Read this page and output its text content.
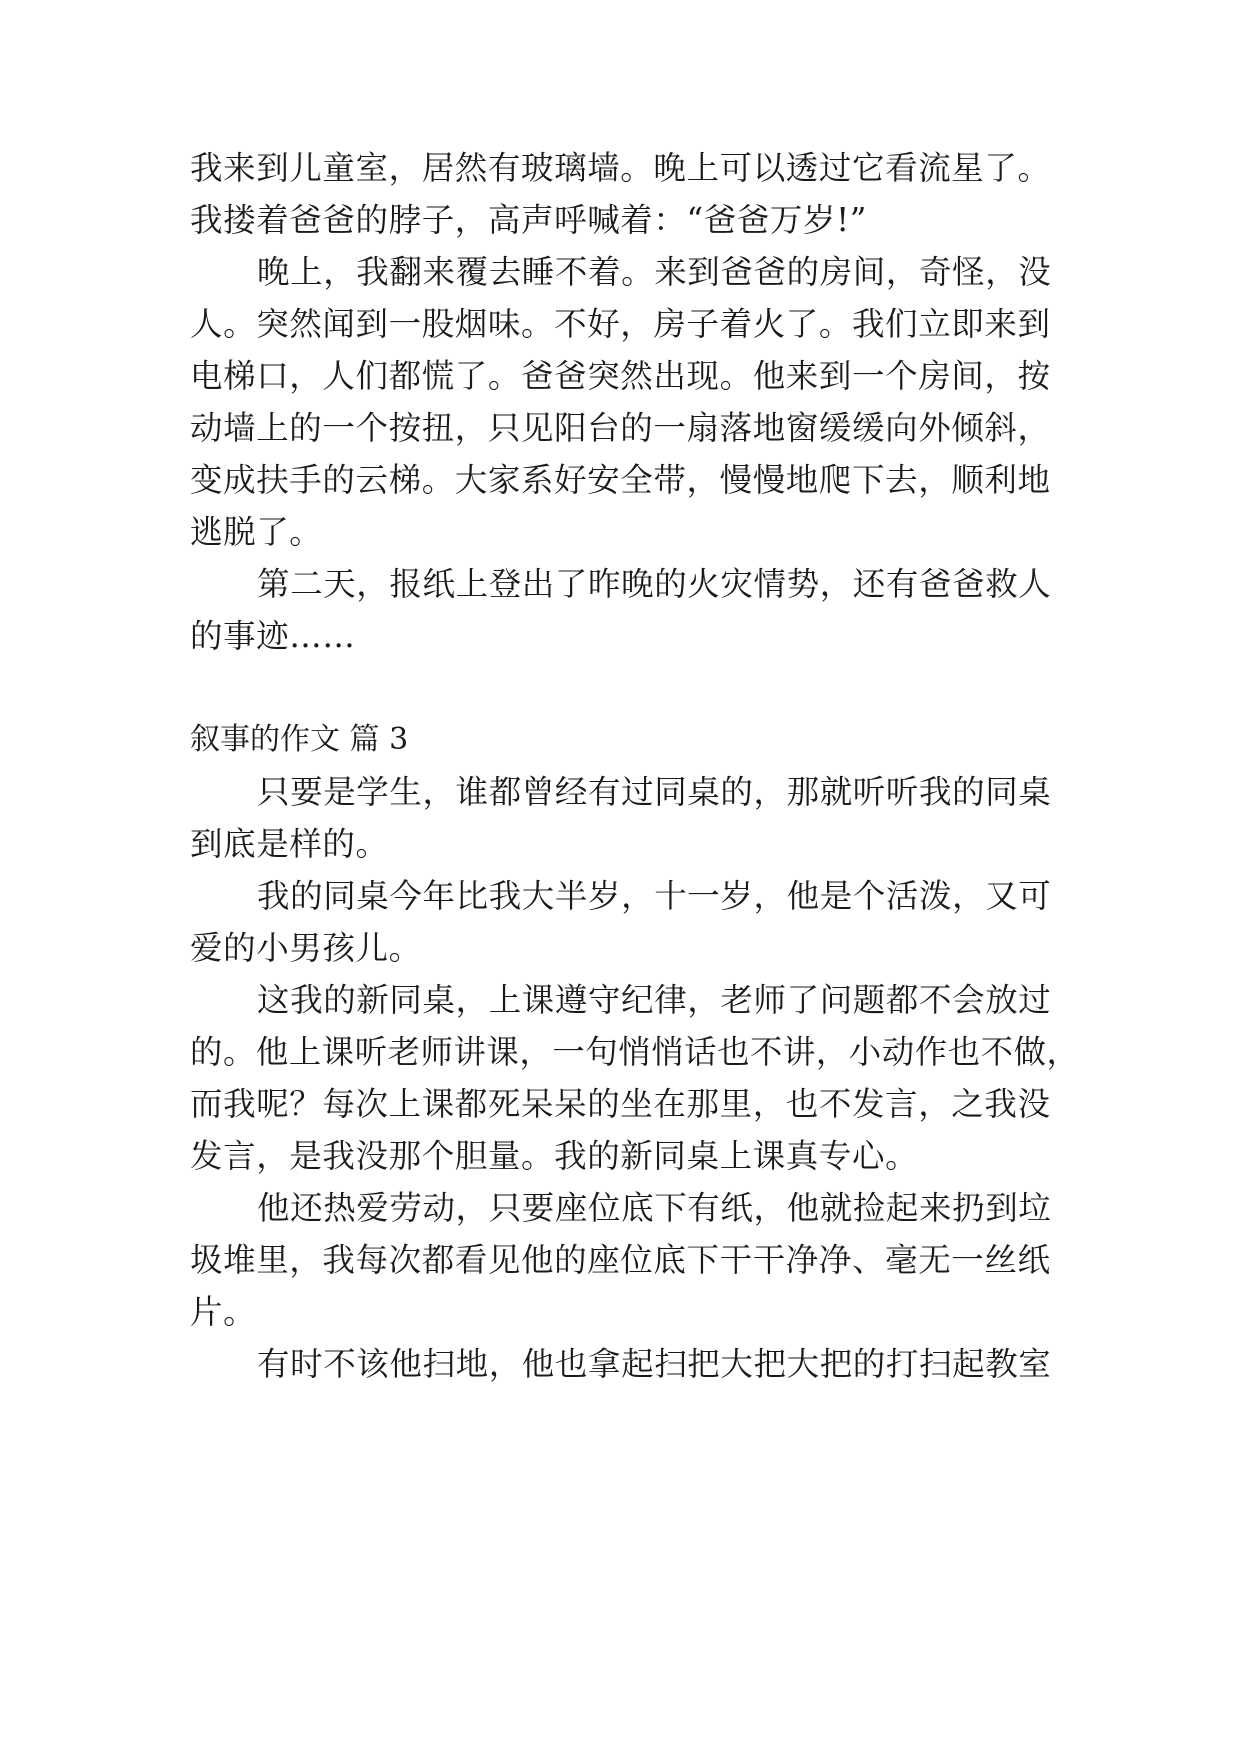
我来到儿童室，居然有玻璃墙。晚上可以透过它看流星了。

我搂着爸爸的脖子，高声呼喊着：“爸爸万岁!”

晚上，我翻来覆去睡不着。来到爸爸的房间，奇怪，没

人。突然闻到一股烟味。不好，房子着火了。我们立即来到

电梯口，人们都慌了。爸爸突然出现。他来到一个房间，按

动墙上的一个按扭，只见阳台的一扇落地窗缓缓向外倾斜，

变成扶手的云梯。大家系好安全带，慢慢地爬下去，顺利地

逃脱了。

第二天，报纸上登出了昨晚的火灾情势，还有爸爸救人

的事迹……

叙事的作文 篇 3

只要是学生，谁都曾经有过同桌的，那就听听我的同桌

到底是样的。

我的同桌今年比我大半岁，十一岁，他是个活泼，又可

爱的小男孩儿。

这我的新同桌，上课遵守纪律，老师了问题都不会放过

的。他上课听老师讲课，一句悄悄话也不讲，小动作也不做，

而我呢？每次上课都死呆呆的坐在那里，也不发言，之我没

发言，是我没那个胆量。我的新同桌上课真专心。

他还热爱劳动，只要座位底下有纸，他就捡起来扔到垃

圾堆里，我每次都看见他的座位底下干干净净、毫无一丝纸

片。

有时不该他扫地，他也拿起扫把大把大把的打扫起教室
